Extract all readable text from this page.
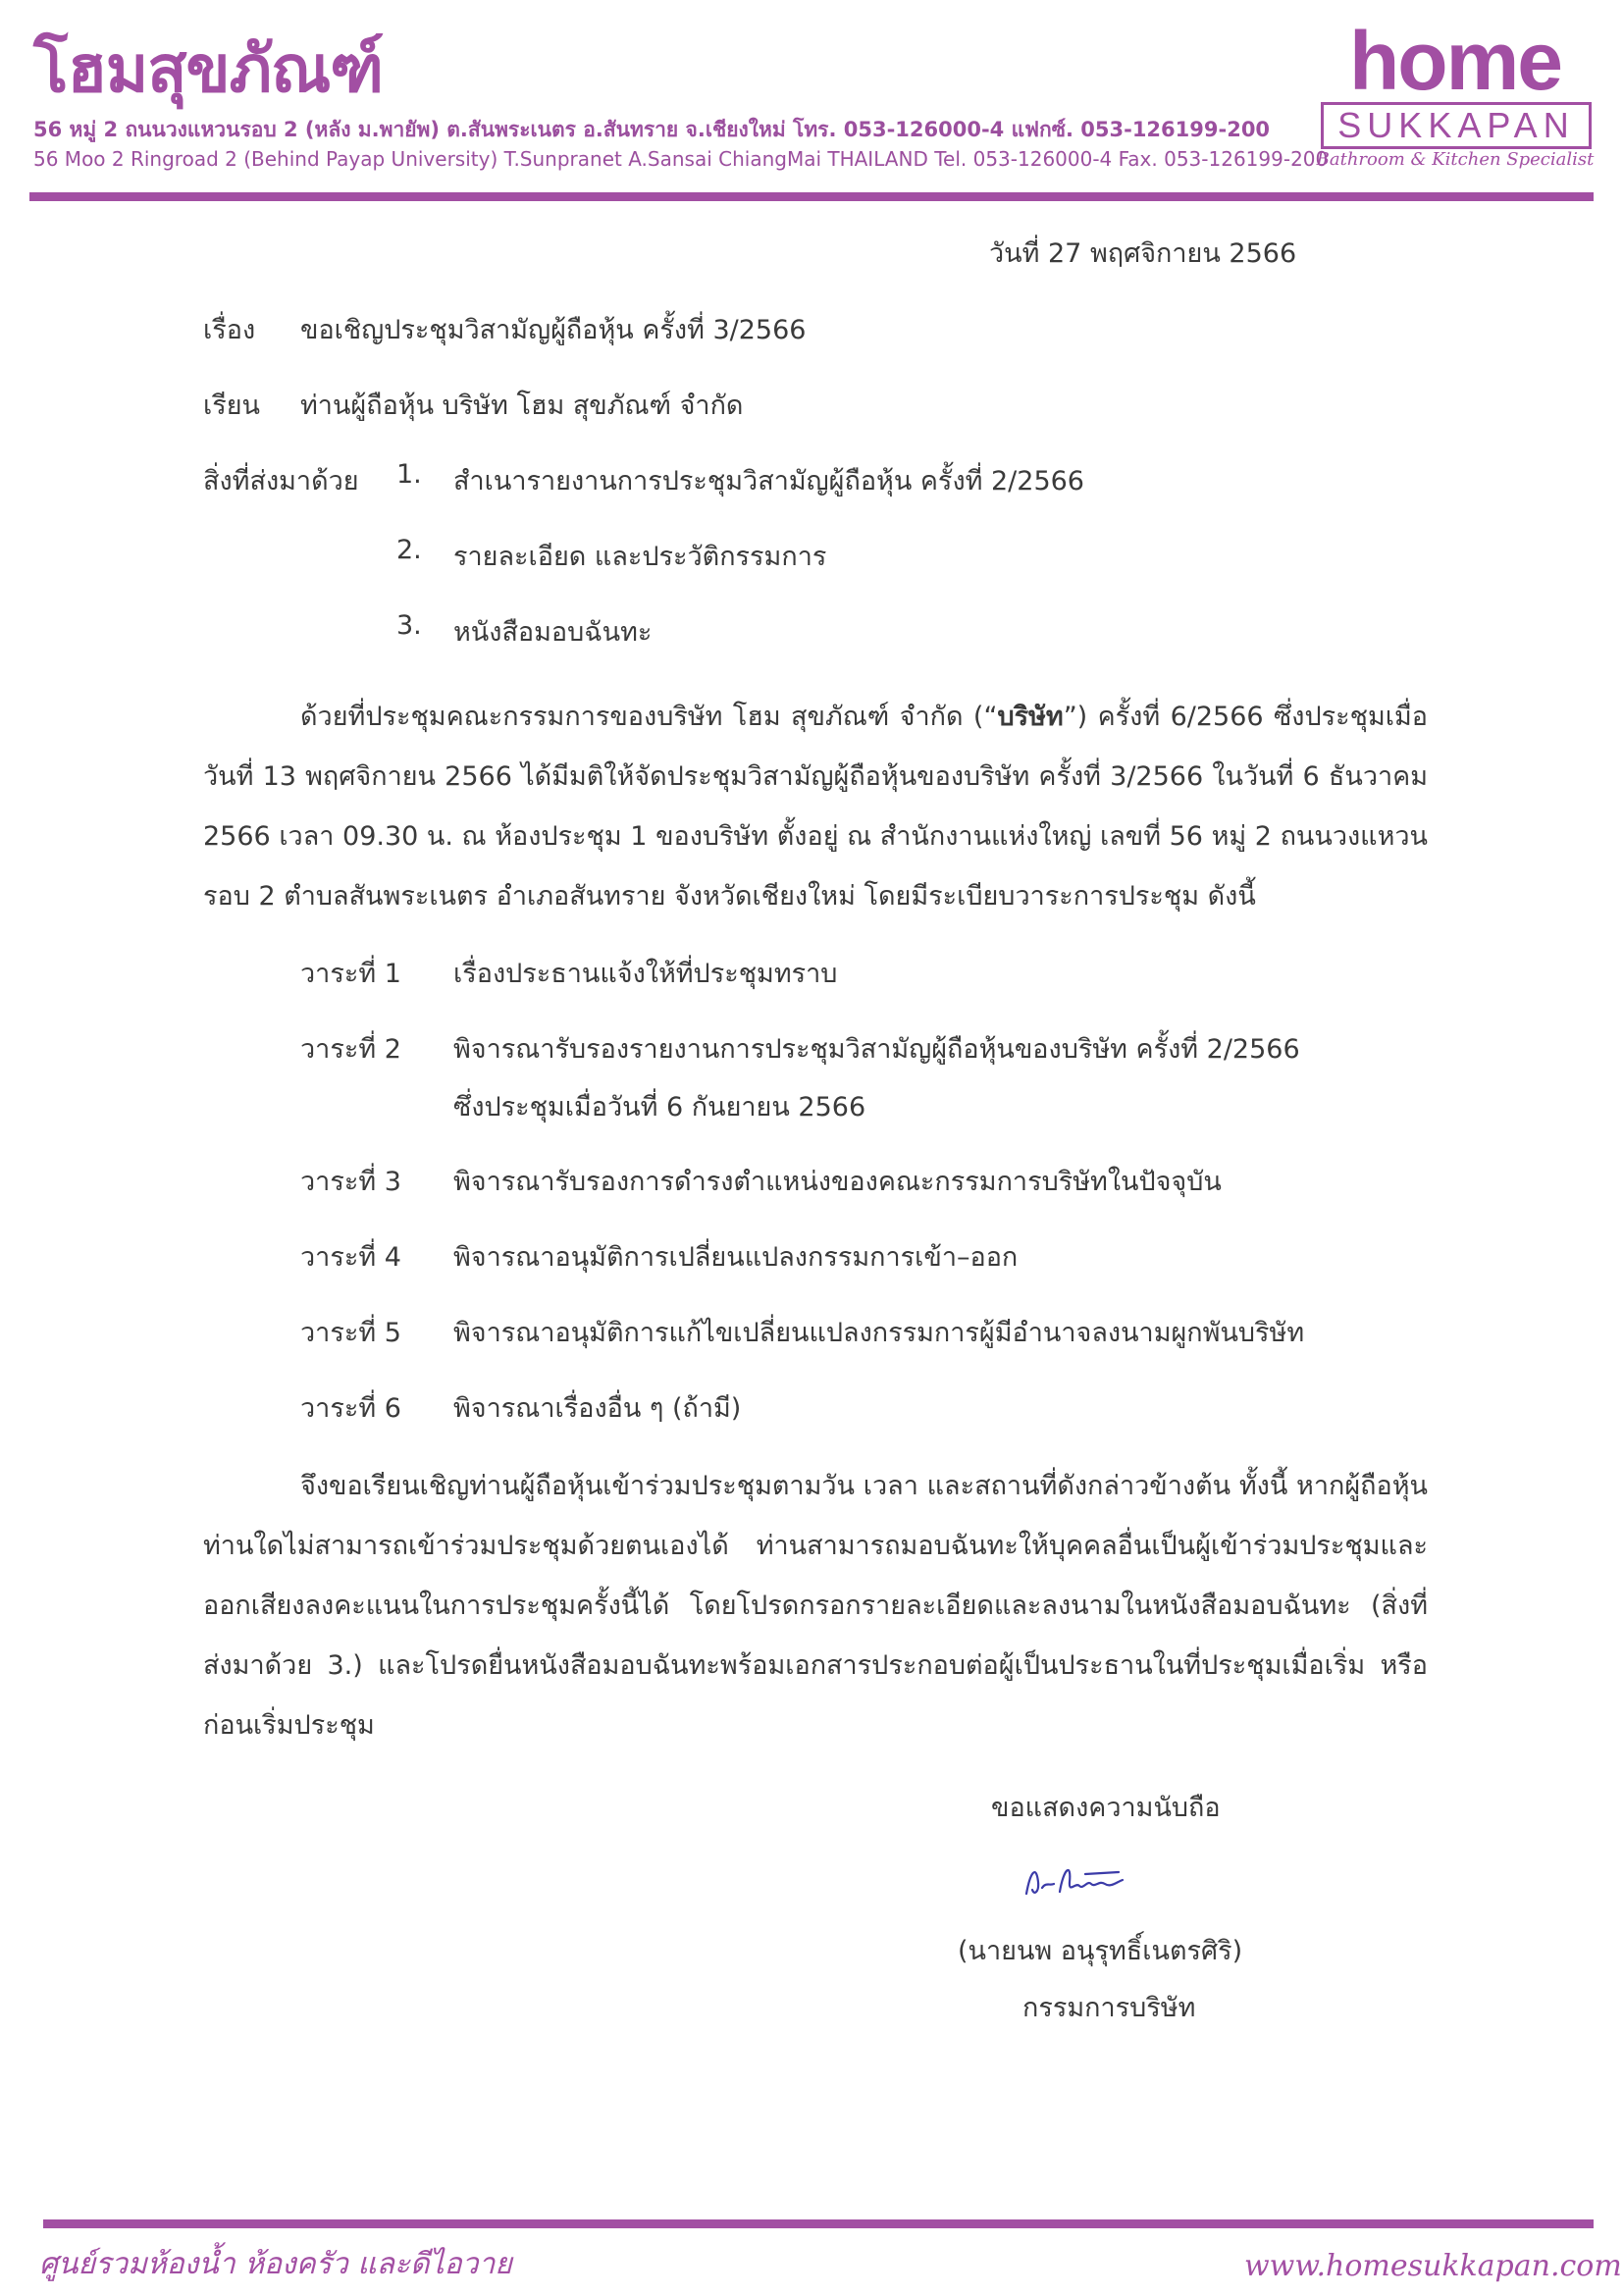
โฮมสุขภัณฑ์
56 หมู่ 2 ถนนวงแหวนรอบ 2 (หลัง ม.พายัพ) ต.สันพระเนตร อ.สันทราย จ.เชียงใหม่ โทร. 053-126000-4 แฟกซ์. 053-126199-200
56 Moo 2 Ringroad 2 (Behind Payap University) T.Sunpranet A.Sansai ChiangMai THAILAND Tel. 053-126000-4 Fax. 053-126199-200
home
SUKKAPAN
Bathroom & Kitchen Specialist
วันที่ 27 พฤศจิกายน 2566
เรื่อง ขอเชิญประชุมวิสามัญผู้ถือหุ้น ครั้งที่ 3/2566
เรียน ท่านผู้ถือหุ้น บริษัท โฮม สุขภัณฑ์ จำกัด
สิ่งที่ส่งมาด้วย 1. สำเนารายงานการประชุมวิสามัญผู้ถือหุ้น ครั้งที่ 2/2566
2. รายละเอียด และประวัติกรรมการ
3. หนังสือมอบฉันทะ
ด้วยที่ประชุมคณะกรรมการของบริษัท โฮม สุขภัณฑ์ จำกัด (“บริษัท”) ครั้งที่ 6/2566 ซึ่งประชุมเมื่อวันที่ 13 พฤศจิกายน 2566 ได้มีมติให้จัดประชุมวิสามัญผู้ถือหุ้นของบริษัท ครั้งที่ 3/2566 ในวันที่ 6 ธันวาคม 2566 เวลา 09.30 น. ณ ห้องประชุม 1 ของบริษัท ตั้งอยู่ ณ สำนักงานแห่งใหญ่ เลขที่ 56 หมู่ 2 ถนนวงแหวนรอบ 2 ตำบลสันพระเนตร อำเภอสันทราย จังหวัดเชียงใหม่ โดยมีระเบียบวาระการประชุม ดังนี้
วาระที่ 1 เรื่องประธานแจ้งให้ที่ประชุมทราบ
วาระที่ 2 พิจารณารับรองรายงานการประชุมวิสามัญผู้ถือหุ้นของบริษัท ครั้งที่ 2/2566
ซึ่งประชุมเมื่อวันที่ 6 กันยายน 2566
วาระที่ 3 พิจารณารับรองการดำรงตำแหน่งของคณะกรรมการบริษัทในปัจจุบัน
วาระที่ 4 พิจารณาอนุมัติการเปลี่ยนแปลงกรรมการเข้า–ออก
วาระที่ 5 พิจารณาอนุมัติการแก้ไขเปลี่ยนแปลงกรรมการผู้มีอำนาจลงนามผูกพันบริษัท
วาระที่ 6 พิจารณาเรื่องอื่น ๆ (ถ้ามี)
จึงขอเรียนเชิญท่านผู้ถือหุ้นเข้าร่วมประชุมตามวัน เวลา และสถานที่ดังกล่าวข้างต้น ทั้งนี้ หากผู้ถือหุ้นท่านใดไม่สามารถเข้าร่วมประชุมด้วยตนเองได้ ท่านสามารถมอบฉันทะให้บุคคลอื่นเป็นผู้เข้าร่วมประชุมและออกเสียงลงคะแนนในการประชุมครั้งนี้ได้ โดยโปรดกรอกรายละเอียดและลงนามในหนังสือมอบฉันทะ (สิ่งที่ส่งมาด้วย 3.) และโปรดยื่นหนังสือมอบฉันทะพร้อมเอกสารประกอบต่อผู้เป็นประธานในที่ประชุมเมื่อเริ่ม หรือก่อนเริ่มประชุม
ขอแสดงความนับถือ
(นายนพ อนุรุทธิ์เนตรศิริ)
กรรมการบริษัท
ศูนย์รวมห้องน้ำ ห้องครัว และดีไอวาย	www.homesukkapan.com
